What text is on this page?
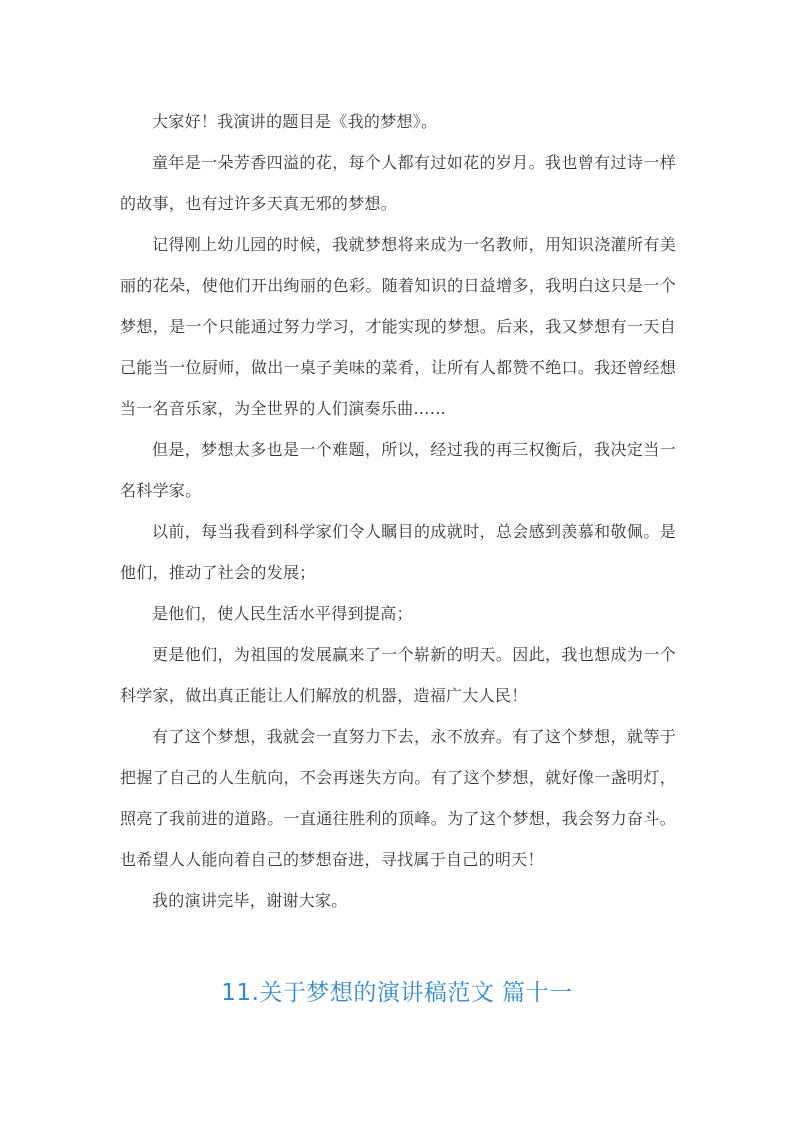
大家好！我演讲的题目是《我的梦想》。

童年是一朵芳香四溢的花，每个人都有过如花的岁月。我也曾有过诗一样的故事，也有过许多天真无邪的梦想。

记得刚上幼儿园的时候，我就梦想将来成为一名教师，用知识浇灌所有美丽的花朵，使他们开出绚丽的色彩。随着知识的日益增多，我明白这只是一个梦想，是一个只能通过努力学习，才能实现的梦想。后来，我又梦想有一天自己能当一位厨师，做出一桌子美味的菜肴，让所有人都赞不绝口。我还曾经想当一名音乐家，为全世界的人们演奏乐曲……

但是，梦想太多也是一个难题，所以，经过我的再三权衡后，我决定当一名科学家。

以前，每当我看到科学家们令人瞩目的成就时，总会感到羡慕和敬佩。是他们，推动了社会的发展；

是他们，使人民生活水平得到提高；

更是他们，为祖国的发展赢来了一个崭新的明天。因此，我也想成为一个科学家，做出真正能让人们解放的机器，造福广大人民！

有了这个梦想，我就会一直努力下去，永不放弃。有了这个梦想，就等于把握了自己的人生航向，不会再迷失方向。有了这个梦想，就好像一盏明灯，照亮了我前进的道路。一直通往胜利的顶峰。为了这个梦想，我会努力奋斗。也希望人人能向着自己的梦想奋进，寻找属于自己的明天！

我的演讲完毕，谢谢大家。

11.关于梦想的演讲稿范文 篇十一
